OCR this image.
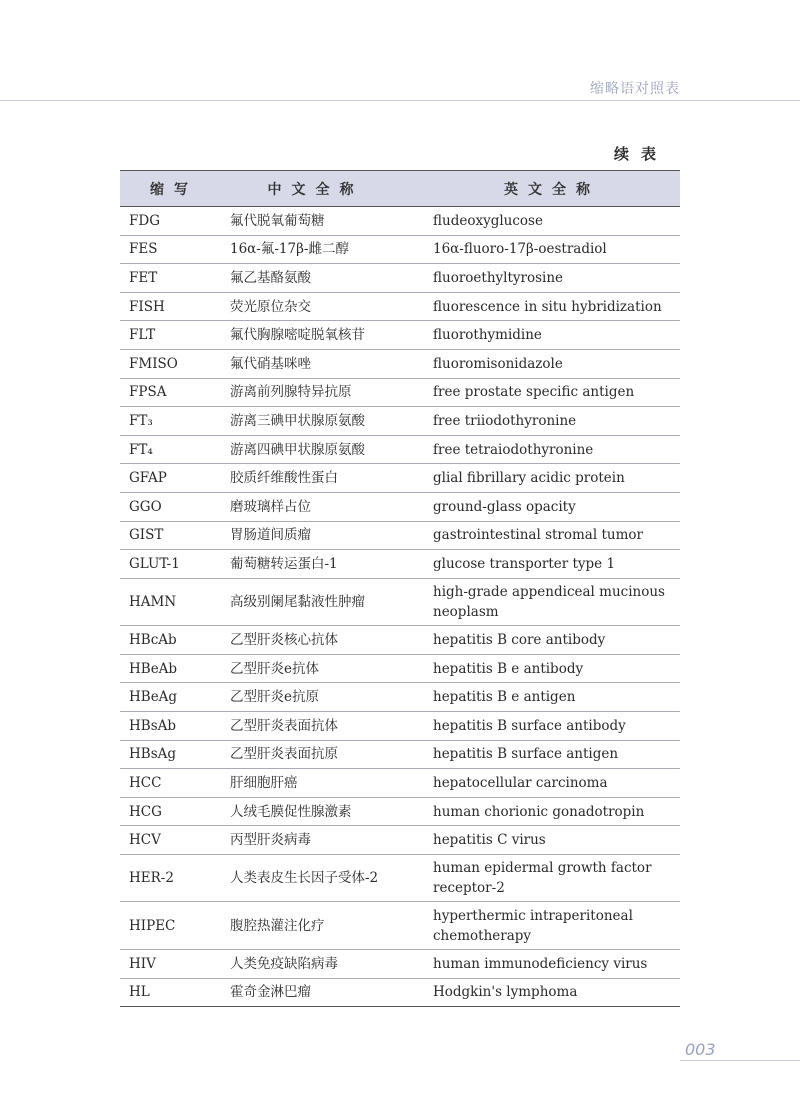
缩略语对照表
续表
缩写	中文全称	英文全称
FDG	氟代脱氧葡萄糖	fludeoxyglucose
FES	16α-氟-17β-雌二醇	16α-fluoro-17β-oestradiol
FET	氟乙基酪氨酸	fluoroethyltyrosine
FISH	荧光原位杂交	fluorescence in situ hybridization
FLT	氟代胸腺嘧啶脱氧核苷	fluorothymidine
FMISO	氟代硝基咪唑	fluoromisonidazole
FPSA	游离前列腺特异抗原	free prostate specific antigen
FT₃	游离三碘甲状腺原氨酸	free triiodothyronine
FT₄	游离四碘甲状腺原氨酸	free tetraiodothyronine
GFAP	胶质纤维酸性蛋白	glial fibrillary acidic protein
GGO	磨玻璃样占位	ground-glass opacity
GIST	胃肠道间质瘤	gastrointestinal stromal tumor
GLUT-1	葡萄糖转运蛋白-1	glucose transporter type 1
HAMN	高级别阑尾黏液性肿瘤	high-grade appendiceal mucinous neoplasm
HBcAb	乙型肝炎核心抗体	hepatitis B core antibody
HBeAb	乙型肝炎e抗体	hepatitis B e antibody
HBeAg	乙型肝炎e抗原	hepatitis B e antigen
HBsAb	乙型肝炎表面抗体	hepatitis B surface antibody
HBsAg	乙型肝炎表面抗原	hepatitis B surface antigen
HCC	肝细胞肝癌	hepatocellular carcinoma
HCG	人绒毛膜促性腺激素	human chorionic gonadotropin
HCV	丙型肝炎病毒	hepatitis C virus
HER-2	人类表皮生长因子受体-2	human epidermal growth factor receptor-2
HIPEC	腹腔热灌注化疗	hyperthermic intraperitoneal chemotherapy
HIV	人类免疫缺陷病毒	human immunodeficiency virus
HL	霍奇金淋巴瘤	Hodgkin's lymphoma
003
